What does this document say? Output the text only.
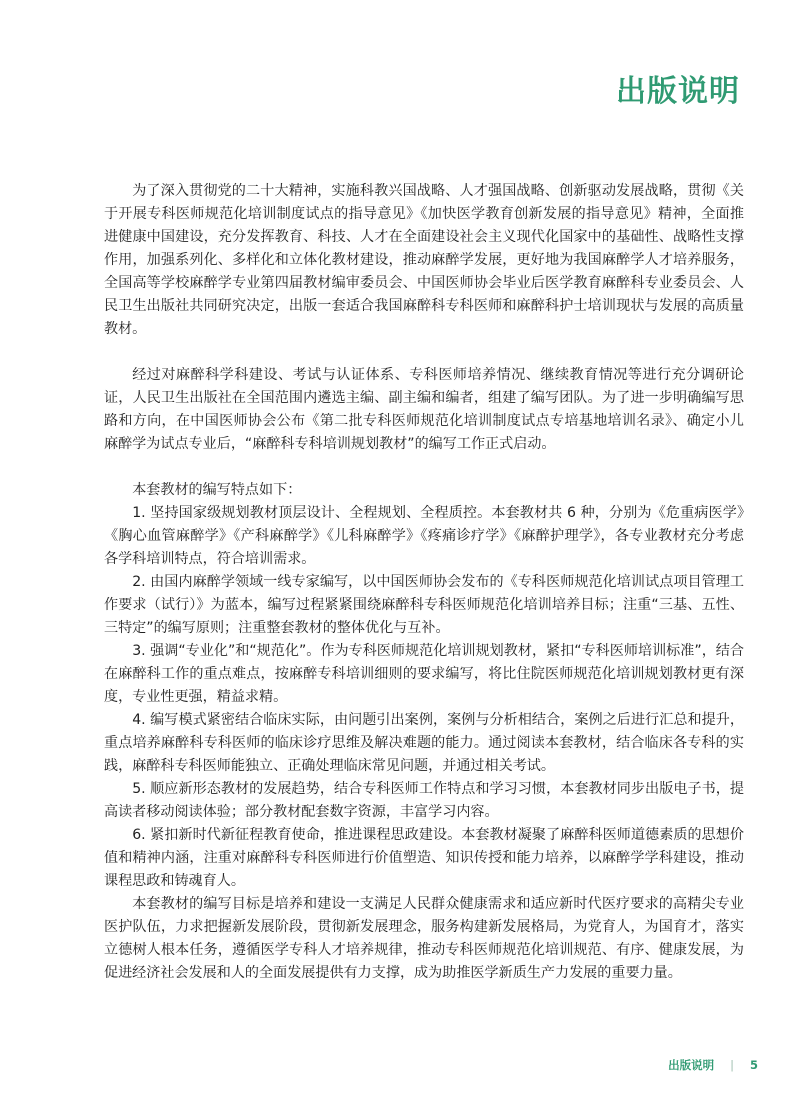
出版说明

为了深入贯彻党的二十大精神，实施科教兴国战略、人才强国战略、创新驱动发展战略，贯彻《关于开展专科医师规范化培训制度试点的指导意见》《加快医学教育创新发展的指导意见》精神，全面推进健康中国建设，充分发挥教育、科技、人才在全面建设社会主义现代化国家中的基础性、战略性支撑作用，加强系列化、多样化和立体化教材建设，推动麻醉学发展，更好地为我国麻醉学人才培养服务，全国高等学校麻醉学专业第四届教材编审委员会、中国医师协会毕业后医学教育麻醉科专业委员会、人民卫生出版社共同研究决定，出版一套适合我国麻醉科专科医师和麻醉科护士培训现状与发展的高质量教材。

经过对麻醉科学科建设、考试与认证体系、专科医师培养情况、继续教育情况等进行充分调研论证，人民卫生出版社在全国范围内遴选主编、副主编和编者，组建了编写团队。为了进一步明确编写思路和方向，在中国医师协会公布《第二批专科医师规范化培训制度试点专培基地培训名录》、确定小儿麻醉学为试点专业后，“麻醉科专科培训规划教材”的编写工作正式启动。

本套教材的编写特点如下：

1. 坚持国家级规划教材顶层设计、全程规划、全程质控。本套教材共 6 种，分别为《危重病医学》《胸心血管麻醉学》《产科麻醉学》《儿科麻醉学》《疼痛诊疗学》《麻醉护理学》，各专业教材充分考虑各学科培训特点，符合培训需求。

2. 由国内麻醉学领域一线专家编写，以中国医师协会发布的《专科医师规范化培训试点项目管理工作要求（试行）》为蓝本，编写过程紧紧围绕麻醉科专科医师规范化培训培养目标；注重“三基、五性、三特定”的编写原则；注重整套教材的整体优化与互补。

3. 强调“专业化”和“规范化”。作为专科医师规范化培训规划教材，紧扣“专科医师培训标准”，结合在麻醉科工作的重点难点，按麻醉专科培训细则的要求编写，将比住院医师规范化培训规划教材更有深度，专业性更强，精益求精。

4. 编写模式紧密结合临床实际，由问题引出案例，案例与分析相结合，案例之后进行汇总和提升，重点培养麻醉科专科医师的临床诊疗思维及解决难题的能力。通过阅读本套教材，结合临床各专科的实践，麻醉科专科医师能独立、正确处理临床常见问题，并通过相关考试。

5. 顺应新形态教材的发展趋势，结合专科医师工作特点和学习习惯，本套教材同步出版电子书，提高读者移动阅读体验；部分教材配套数字资源，丰富学习内容。

6. 紧扣新时代新征程教育使命，推进课程思政建设。本套教材凝聚了麻醉科医师道德素质的思想价值和精神内涵，注重对麻醉科专科医师进行价值塑造、知识传授和能力培养，以麻醉学学科建设，推动课程思政和铸魂育人。

本套教材的编写目标是培养和建设一支满足人民群众健康需求和适应新时代医疗要求的高精尖专业医护队伍，力求把握新发展阶段，贯彻新发展理念，服务构建新发展格局，为党育人，为国育才，落实立德树人根本任务，遵循医学专科人才培养规律，推动专科医师规范化培训规范、有序、健康发展，为促进经济社会发展和人的全面发展提供有力支撑，成为助推医学新质生产力发展的重要力量。

出版说明 | 5
